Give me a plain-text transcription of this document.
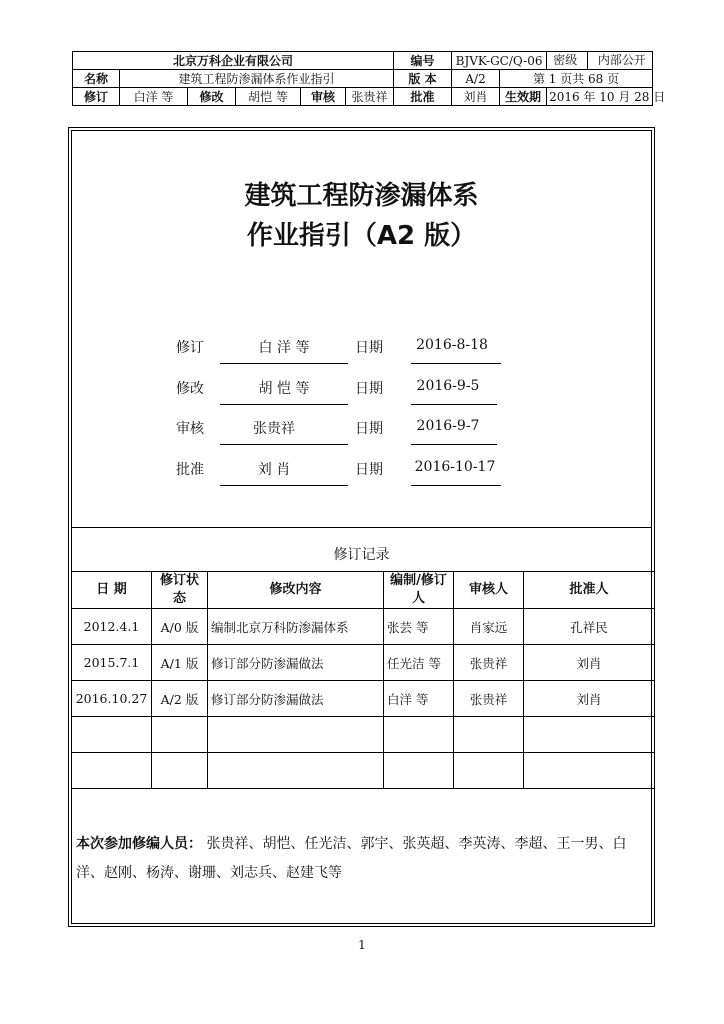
北京万科企业有限公司						编号	BJVK-GC/Q-06		密级 内部公开
名称	建筑工程防渗漏体系作业指引					版 本	A/2	第 1 页共 68 页	
修订	白洋 等	修改	胡恺 等	审核	张贵祥	批准	刘肖	生效期	2016 年 10 月 28 日
建筑工程防渗漏体系
作业指引（A2 版）
修订	白 洋 等	日期	2016-8-18
修改	胡 恺 等	日期	2016-9-5
审核	张贵祥	日期	2016-9-7
批准	刘 肖	日期	2016-10-17
修订记录
日 期	修订状态	修改内容	编制/修订人	审核人	批准人
2012.4.1	A/0 版	编制北京万科防渗漏体系	张芸 等	肖家远	孔祥民
2015.7.1	A/1 版	修订部分防渗漏做法	任光洁 等	张贵祥	刘肖
2016.10.27	A/2 版	修订部分防渗漏做法	白洋 等	张贵祥	刘肖

本次参加修编人员： 张贵祥、胡恺、任光洁、郭宇、张英超、李英涛、李超、王一男、白洋、赵刚、杨涛、谢珊、刘志兵、赵建飞等
1
